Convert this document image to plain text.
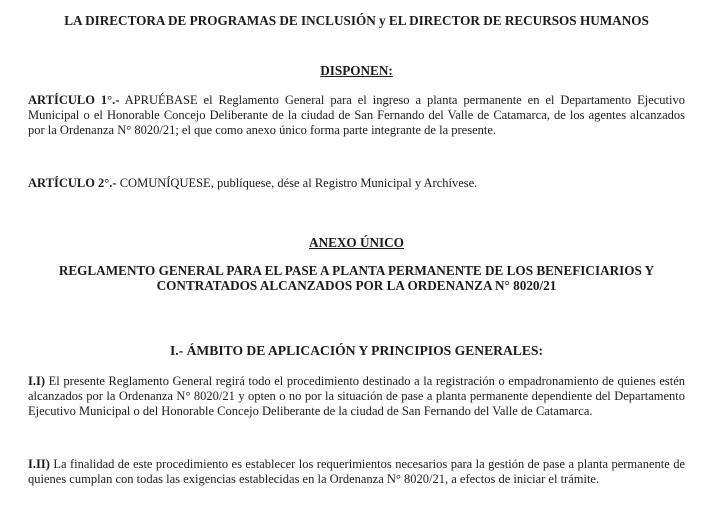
LA DIRECTORA DE PROGRAMAS DE INCLUSIÓN y EL DIRECTOR DE RECURSOS HUMANOS
DISPONEN:
ARTÍCULO 1°.- APRUÉBASE el Reglamento General para el ingreso a planta permanente en el Departamento Ejecutivo Municipal o el Honorable Concejo Deliberante de la ciudad de San Fernando del Valle de Catamarca, de los agentes alcanzados por la Ordenanza N° 8020/21; el que como anexo único forma parte integrante de la presente.
ARTÍCULO 2°.- COMUNÍQUESE, publíquese, dése al Registro Municipal y Archívese.
ANEXO ÚNICO
REGLAMENTO GENERAL PARA EL PASE A PLANTA PERMANENTE DE LOS BENEFICIARIOS Y CONTRATADOS ALCANZADOS POR LA ORDENANZA N° 8020/21
I.- ÁMBITO DE APLICACIÓN Y PRINCIPIOS GENERALES:
I.I) El presente Reglamento General regirá todo el procedimiento destinado a la registración o empadronamiento de quienes estén alcanzados por la Ordenanza N° 8020/21 y opten o no por la situación de pase a planta permanente dependiente del Departamento Ejecutivo Municipal o del Honorable Concejo Deliberante de la ciudad de San Fernando del Valle de Catamarca.
I.II) La finalidad de este procedimiento es establecer los requerimientos necesarios para la gestión de pase a planta permanente de quienes cumplan con todas las exigencias establecidas en la Ordenanza N° 8020/21, a efectos de iniciar el trámite.
